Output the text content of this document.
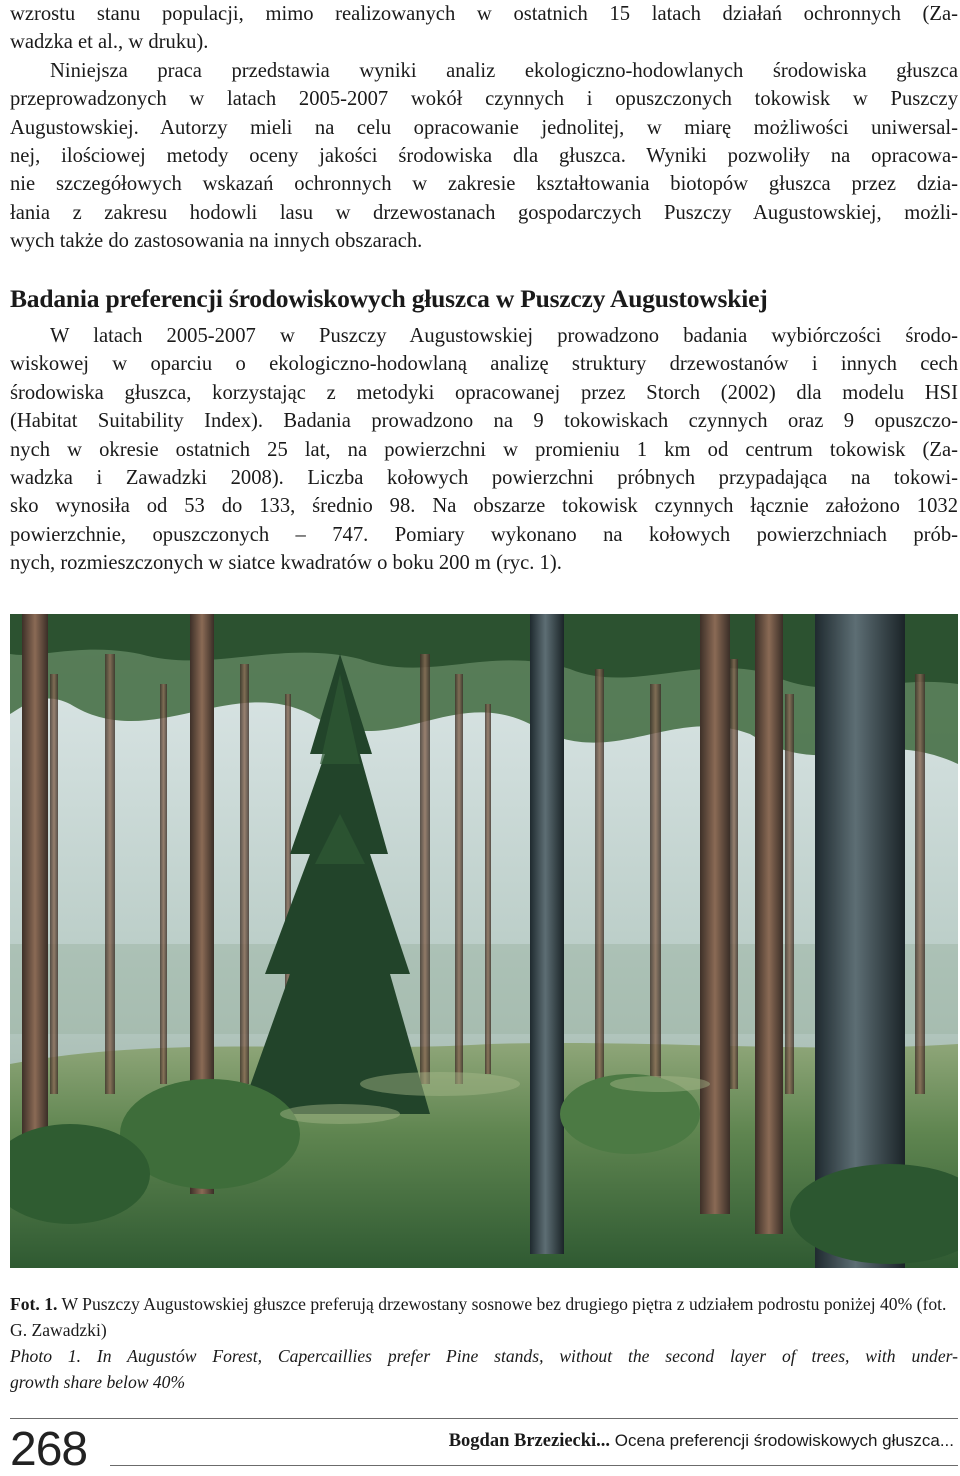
wzrostu stanu populacji, mimo realizowanych w ostatnich 15 latach działań ochronnych (Za-
wadzka et al., w druku).
Niniejsza praca przedstawia wyniki analiz ekologiczno-hodowlanych środowiska głuszca
przeprowadzonych w latach 2005-2007 wokół czynnych i opuszczonych tokowisk w Puszczy
Augustowskiej. Autorzy mieli na celu opracowanie jednolitej, w miarę możliwości uniwersal-
nej, ilościowej metody oceny jakości środowiska dla głuszca. Wyniki pozwoliły na opracowa-
nie szczegółowych wskazań ochronnych w zakresie kształtowania biotopów głuszca przez dzia-
łania z zakresu hodowli lasu w drzewostanach gospodarczych Puszczy Augustowskiej, możli-
wych także do zastosowania na innych obszarach.
Badania preferencji środowiskowych głuszca w Puszczy Augustowskiej
W latach 2005-2007 w Puszczy Augustowskiej prowadzono badania wybiórczości środo-
wiskowej w oparciu o ekologiczno-hodowlaną analizę struktury drzewostanów i innych cech
środowiska głuszca, korzystając z metodyki opracowanej przez Storch (2002) dla modelu HSI
(Habitat Suitability Index). Badania prowadzono na 9 tokowiskach czynnych oraz 9 opuszczo-
nych w okresie ostatnich 25 lat, na powierzchni w promieniu 1 km od centrum tokowisk (Za-
wadzka i Zawadzki 2008). Liczba kołowych powierzchni próbnych przypadająca na tokowi-
sko wynosiła od 53 do 133, średnio 98. Na obszarze tokowisk czynnych łącznie założono 1032
powierzchnie, opuszczonych – 747. Pomiary wykonano na kołowych powierzchniach prób-
nych, rozmieszczonych w siatce kwadratów o boku 200 m (ryc. 1).

Fot. 1. W Puszczy Augustowskiej głuszce preferują drzewostany sosnowe bez drugiego piętra z udziałem podrostu poniżej 40% (fot. G. Zawadzki)

Photo 1. In Augustów Forest, Capercaillies prefer Pine stands, without the second layer of trees, with under-
growth share below 40%

268	Bogdan Brzeziecki... Ocena preferencji środowiskowych głuszca...
